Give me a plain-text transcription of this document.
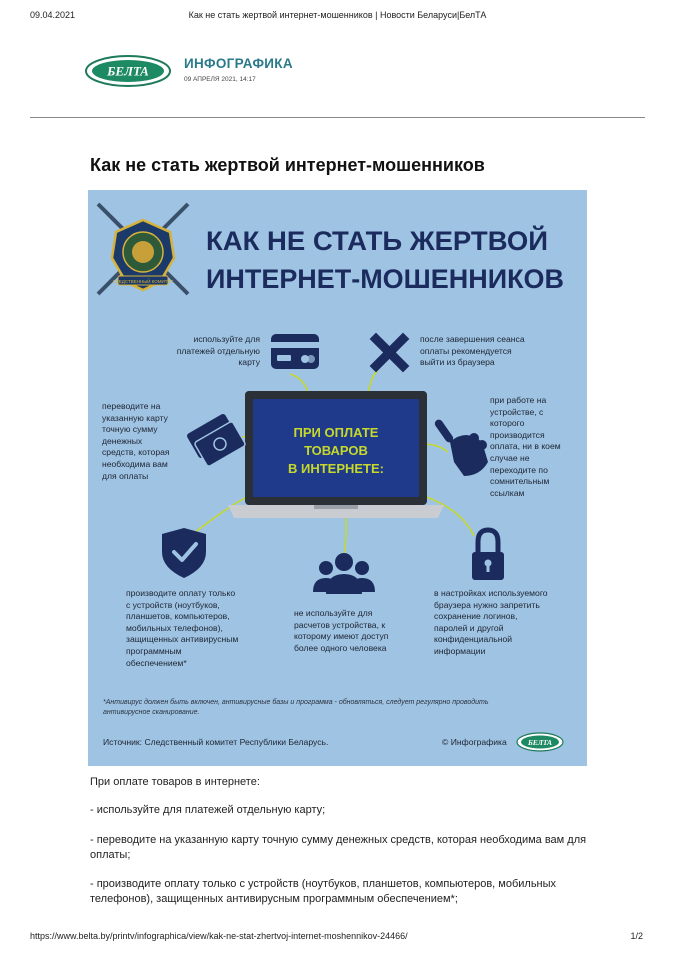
09.04.2021	Как не стать жертвой интернет-мошенников | Новости Беларуси|БелТА
БЕЛТА	ИНФОГРАФИКА
09 АПРЕЛЯ 2021, 14:17
Как не стать жертвой интернет-мошенников
СЛЕДСТВЕННЫЙ КОМИТЕТ
КАК НЕ СТАТЬ ЖЕРТВОЙ
ИНТЕРНЕТ-МОШЕННИКОВ
ПРИ ОПЛАТЕ
ТОВАРОВ
В ИНТЕРНЕТЕ:
используйте для
платежей отдельную
карту
после завершения сеанса
оплаты рекомендуется
выйти из браузера
переводите на
указанную карту
точную сумму
денежных
средств, которая
необходима вам
для оплаты
при работе на
устройстве, с
которого
производится
оплата, ни в коем
случае не
переходите по
сомнительным
ссылкам
производите оплату только
с устройств (ноутбуков,
планшетов, компьютеров,
мобильных телефонов),
защищенных антивирусным
программным
обеспечением*
не используйте для
расчетов устройства, к
которому имеют доступ
более одного человека
в настройках используемого
браузера нужно запретить
сохранение логинов,
паролей и другой
конфиденциальной
информации
*Антивирус должен быть включен, антивирусные базы и программа - обновляться, следует регулярно проводить антивирусное сканирование.
Источник: Следственный комитет Республики Беларусь.	© Инфографика	БЕЛТА

При оплате товаров в интернете:

- используйте для платежей отдельную карту;

- переводите на указанную карту точную сумму денежных средств, которая необходима вам для оплаты;

- производите оплату только с устройств (ноутбуков, планшетов, компьютеров, мобильных телефонов), защищенных антивирусным программным обеспечением*;

https://www.belta.by/printv/infographica/view/kak-ne-stat-zhertvoj-internet-moshennikov-24466/	1/2
